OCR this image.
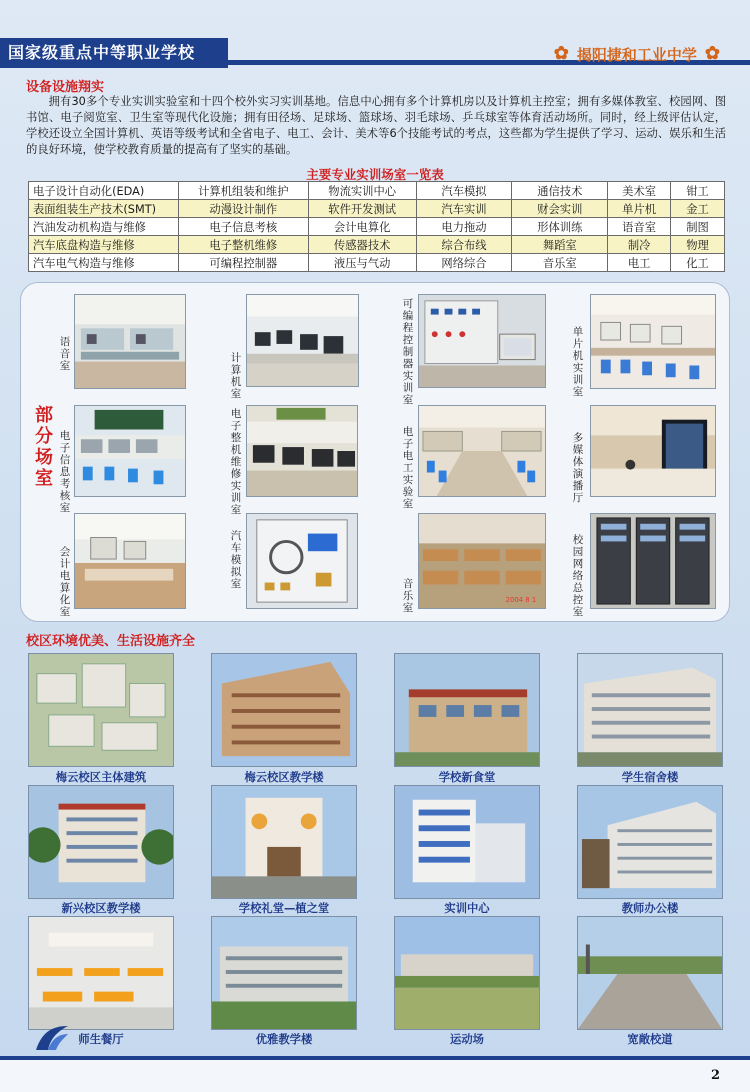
国家级重点中等职业学校	✿ 揭阳捷和工业中学 ✿
设备设施翔实
拥有30多个专业实训实验室和十四个校外实习实训基地。信息中心拥有多个计算机房以及计算机主控室；拥有多媒体教室、校园网、图书馆、电子阅览室、卫生室等现代化设施；拥有田径场、足球场、篮球场、羽毛球场、乒乓球室等体育活动场所。同时，经上级评估认定，学校还设立全国计算机、英语等级考试和全省电子、电工、会计、美术等6个技能考试的考点，这些都为学生提供了学习、运动、娱乐和生活的良好环境，使学校教育质量的提高有了坚实的基础。
主要专业实训场室一览表
电子设计自动化(EDA)	计算机组装和维护	物流实训中心	汽车模拟	通信技术	美术室	钳工
表面组装生产技术(SMT)	动漫设计制作	软件开发测试	汽车实训	财会实训	单片机	金工
汽油发动机构造与维修	电子信息考核	会计电算化	电力拖动	形体训练	语音室	制图
汽车底盘构造与维修	电子整机维修	传感器技术	综合布线	舞蹈室	制冷	物理
汽车电气构造与维修	可编程控制器	液压与气动	网络综合	音乐室	电工	化工
部分场室
语音室
计算机室
可编程控制器实训室
单片机实训室
电子信息考核室
电子整机维修实训室
电子电工实验室
多媒体演播厅
会计电算化室
汽车模拟室
2004 8 1
音乐室
校园网络总控室
校区环境优美、生活设施齐全
梅云校区主体建筑	梅云校区教学楼	学校新食堂	学生宿舍楼
新兴校区教学楼	学校礼堂—植之堂	实训中心	教师办公楼
师生餐厅	优雅教学楼	运动场	宽敞校道
2
